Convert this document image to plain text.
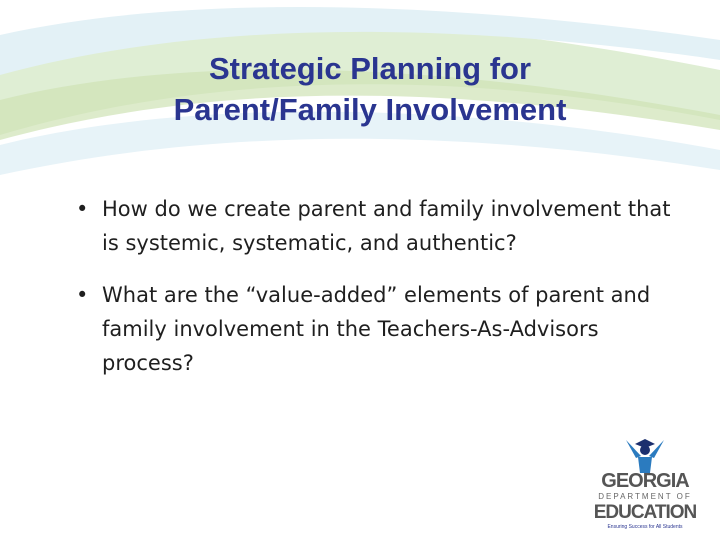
Strategic Planning for
Parent/Family Involvement
• How do we create parent and family involvement that is systemic, systematic, and authentic?
• What are the “value-added” elements of parent and family involvement in the Teachers-As-Advisors process?
GEORGIA
DEPARTMENT OF
EDUCATION
Ensuring Success for All Students
